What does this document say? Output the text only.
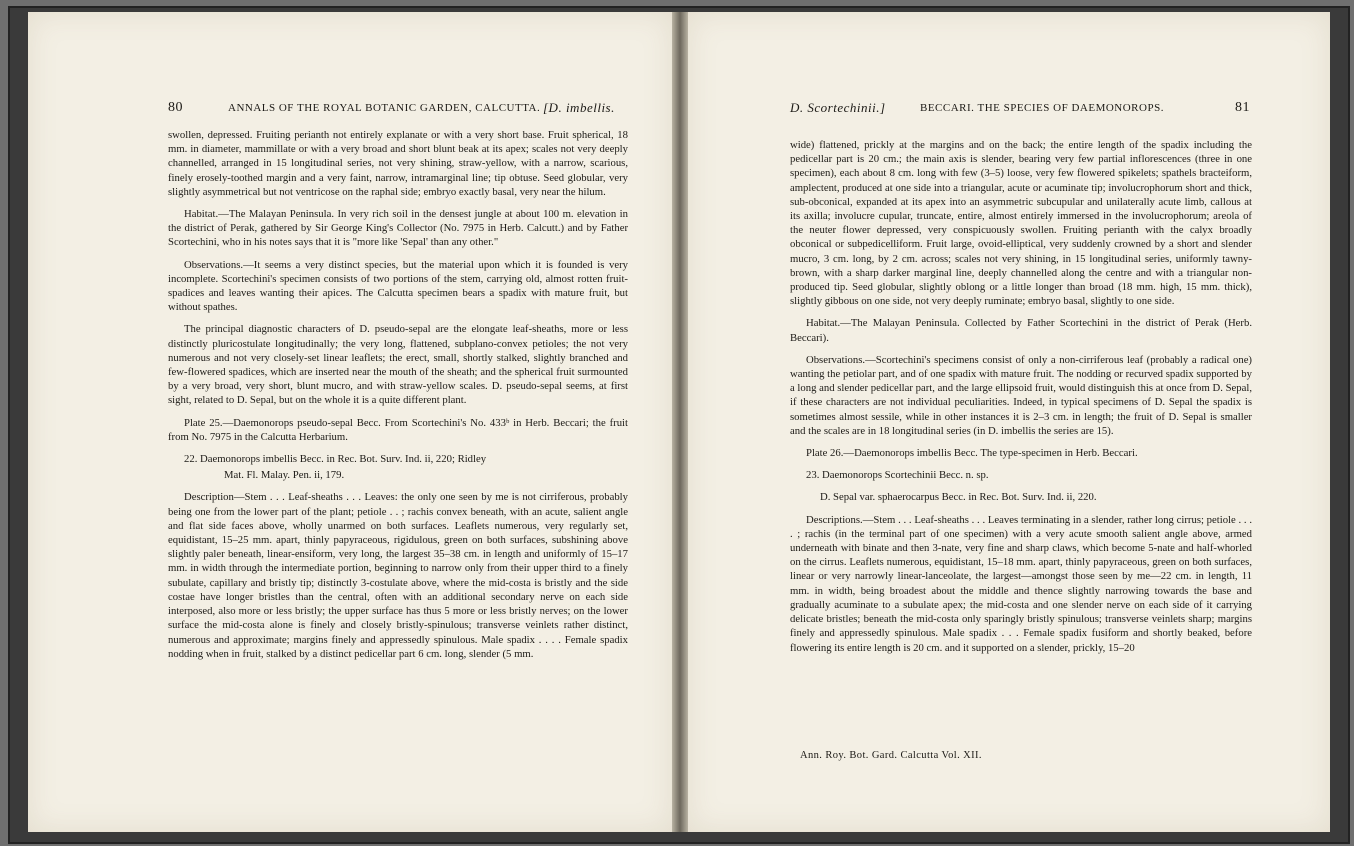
80	ANNALS OF THE ROYAL BOTANIC GARDEN, CALCUTTA. [D. imbellis.

swollen, depressed. Fruiting perianth not entirely explanate or with a very short base. Fruit spherical, 18 mm. in diameter, mammillate or with a very broad and short blunt beak at its apex; scales not very deeply channelled, arranged in 15 longitudinal series, not very shining, straw-yellow, with a narrow, scarious, finely erosely-toothed margin and a very faint, narrow, intramarginal line; tip obtuse. Seed globular, very slightly asymmetrical but not ventricose on the raphal side; embryo exactly basal, very near the hilum.

Habitat.—The Malayan Peninsula. In very rich soil in the densest jungle at about 100 m. elevation in the district of Perak, gathered by Sir George King's Collector (No. 7975 in Herb. Calcutt.) and by Father Scortechini, who in his notes says that it is "more like 'Sepal' than any other."

Observations.—It seems a very distinct species, but the material upon which it is founded is very incomplete. Scortechini's specimen consists of two portions of the stem, carrying old, almost rotten fruit-spadices and leaves wanting their apices. The Calcutta specimen bears a spadix with mature fruit, but without spathes.

The principal diagnostic characters of D. pseudo-sepal are the elongate leaf-sheaths, more or less distinctly pluricostulate longitudinally; the very long, flattened, subplano-convex petioles; the not very numerous and not very closely-set linear leaflets; the erect, small, shortly stalked, slightly branched and few-flowered spadices, which are inserted near the mouth of the sheath; and the spherical fruit surmounted by a very broad, very short, blunt mucro, and with straw-yellow scales. D. pseudo-sepal seems, at first sight, related to D. Sepal, but on the whole it is a quite different plant.

Plate 25.—Daemonorops pseudo-sepal Becc. From Scortechini's No. 433ᵇ in Herb. Beccari; the fruit from No. 7975 in the Calcutta Herbarium.

22. Daemonorops imbellis Becc. in Rec. Bot. Surv. Ind. ii, 220; Ridley

Mat. Fl. Malay. Pen. ii, 179.

Description—Stem . . . Leaf-sheaths . . . Leaves: the only one seen by me is not cirriferous, probably being one from the lower part of the plant; petiole . . ; rachis convex beneath, with an acute, salient angle and flat side faces above, wholly unarmed on both surfaces. Leaflets numerous, very regularly set, equidistant, 15–25 mm. apart, thinly papyraceous, rigidulous, green on both surfaces, subshining above slightly paler beneath, linear-ensiform, very long, the largest 35–38 cm. in length and uniformly of 15–17 mm. in width through the intermediate portion, beginning to narrow only from their upper third to a finely subulate, capillary and bristly tip; distinctly 3-costulate above, where the mid-costa is bristly and the side costae have longer bristles than the central, often with an additional secondary nerve on each side interposed, also more or less bristly; the upper surface has thus 5 more or less bristly nerves; on the lower surface the mid-costa alone is finely and closely bristly-spinulous; transverse veinlets rather distinct, numerous and approximate; margins finely and appressedly spinulous. Male spadix . . . . Female spadix nodding when in fruit, stalked by a distinct pedicellar part 6 cm. long, slender (5 mm.

D. Scortechinii.]	BECCARI. THE SPECIES OF DAEMONOROPS.	81

wide) flattened, prickly at the margins and on the back; the entire length of the spadix including the pedicellar part is 20 cm.; the main axis is slender, bearing very few partial inflorescences (three in one specimen), each about 8 cm. long with few (3–5) loose, very few flowered spikelets; spathels bracteiform, amplectent, produced at one side into a triangular, acute or acuminate tip; involucrophorum short and thick, sub-obconical, expanded at its apex into an asymmetric subcupular and unilaterally acute limb, callous at its axilla; involucre cupular, truncate, entire, almost entirely immersed in the involucrophorum; areola of the neuter flower depressed, very conspicuously swollen. Fruiting perianth with the calyx broadly obconical or subpedicelliform. Fruit large, ovoid-elliptical, very suddenly crowned by a short and slender mucro, 3 cm. long, by 2 cm. across; scales not very shining, in 15 longitudinal series, uniformly tawny-brown, with a sharp darker marginal line, deeply channelled along the centre and with a triangular non-produced tip. Seed globular, slightly oblong or a little longer than broad (18 mm. high, 15 mm. thick), slightly gibbous on one side, not very deeply ruminate; embryo basal, slightly to one side.

Habitat.—The Malayan Peninsula. Collected by Father Scortechini in the district of Perak (Herb. Beccari).

Observations.—Scortechini's specimens consist of only a non-cirriferous leaf (probably a radical one) wanting the petiolar part, and of one spadix with mature fruit. The nodding or recurved spadix supported by a long and slender pedicellar part, and the large ellipsoid fruit, would distinguish this at once from D. Sepal, if these characters are not individual peculiarities. Indeed, in typical specimens of D. Sepal the spadix is sometimes almost sessile, while in other instances it is 2–3 cm. in length; the fruit of D. Sepal is smaller and the scales are in 18 longitudinal series (in D. imbellis the series are 15).

Plate 26.—Daemonorops imbellis Becc. The type-specimen in Herb. Beccari.

23. Daemonorops Scortechinii Becc. n. sp.

D. Sepal var. sphaerocarpus Becc. in Rec. Bot. Surv. Ind. ii, 220.

Descriptions.—Stem . . . Leaf-sheaths . . . Leaves terminating in a slender, rather long cirrus; petiole . . . . ; rachis (in the terminal part of one specimen) with a very acute smooth salient angle above, armed underneath with binate and then 3-nate, very fine and sharp claws, which become 5-nate and half-whorled on the cirrus. Leaflets numerous, equidistant, 15–18 mm. apart, thinly papyraceous, green on both surfaces, linear or very narrowly linear-lanceolate, the largest—amongst those seen by me—22 cm. in length, 11 mm. in width, being broadest about the middle and thence slightly narrowing towards the base and gradually acuminate to a subulate apex; the mid-costa and one slender nerve on each side of it carrying delicate bristles; beneath the mid-costa only sparingly bristly spinulous; transverse veinlets sharp; margins finely and appressedly spinulous. Male spadix . . . Female spadix fusiform and shortly beaked, before flowering its entire length is 20 cm. and it supported on a slender, prickly, 15–20

Ann. Roy. Bot. Gard. Calcutta Vol. XII.
